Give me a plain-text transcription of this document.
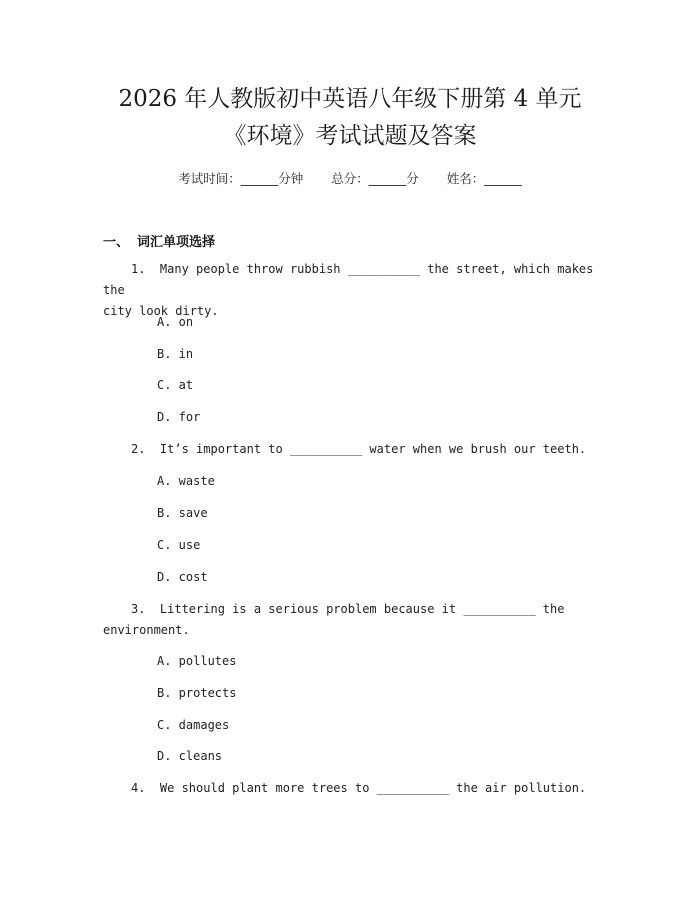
2026 年人教版初中英语八年级下册第 4 单元
《环境》考试试题及答案
考试时间：______分钟 总分：______分 姓名：______
一、 词汇单项选择
1. Many people throw rubbish __________ the street, which makes the
city look dirty.
A. on
B. in
C. at
D. for
2. It’s important to __________ water when we brush our teeth.
A. waste
B. save
C. use
D. cost
3. Littering is a serious problem because it __________ the
environment.
A. pollutes
B. protects
C. damages
D. cleans
4. We should plant more trees to __________ the air pollution.
